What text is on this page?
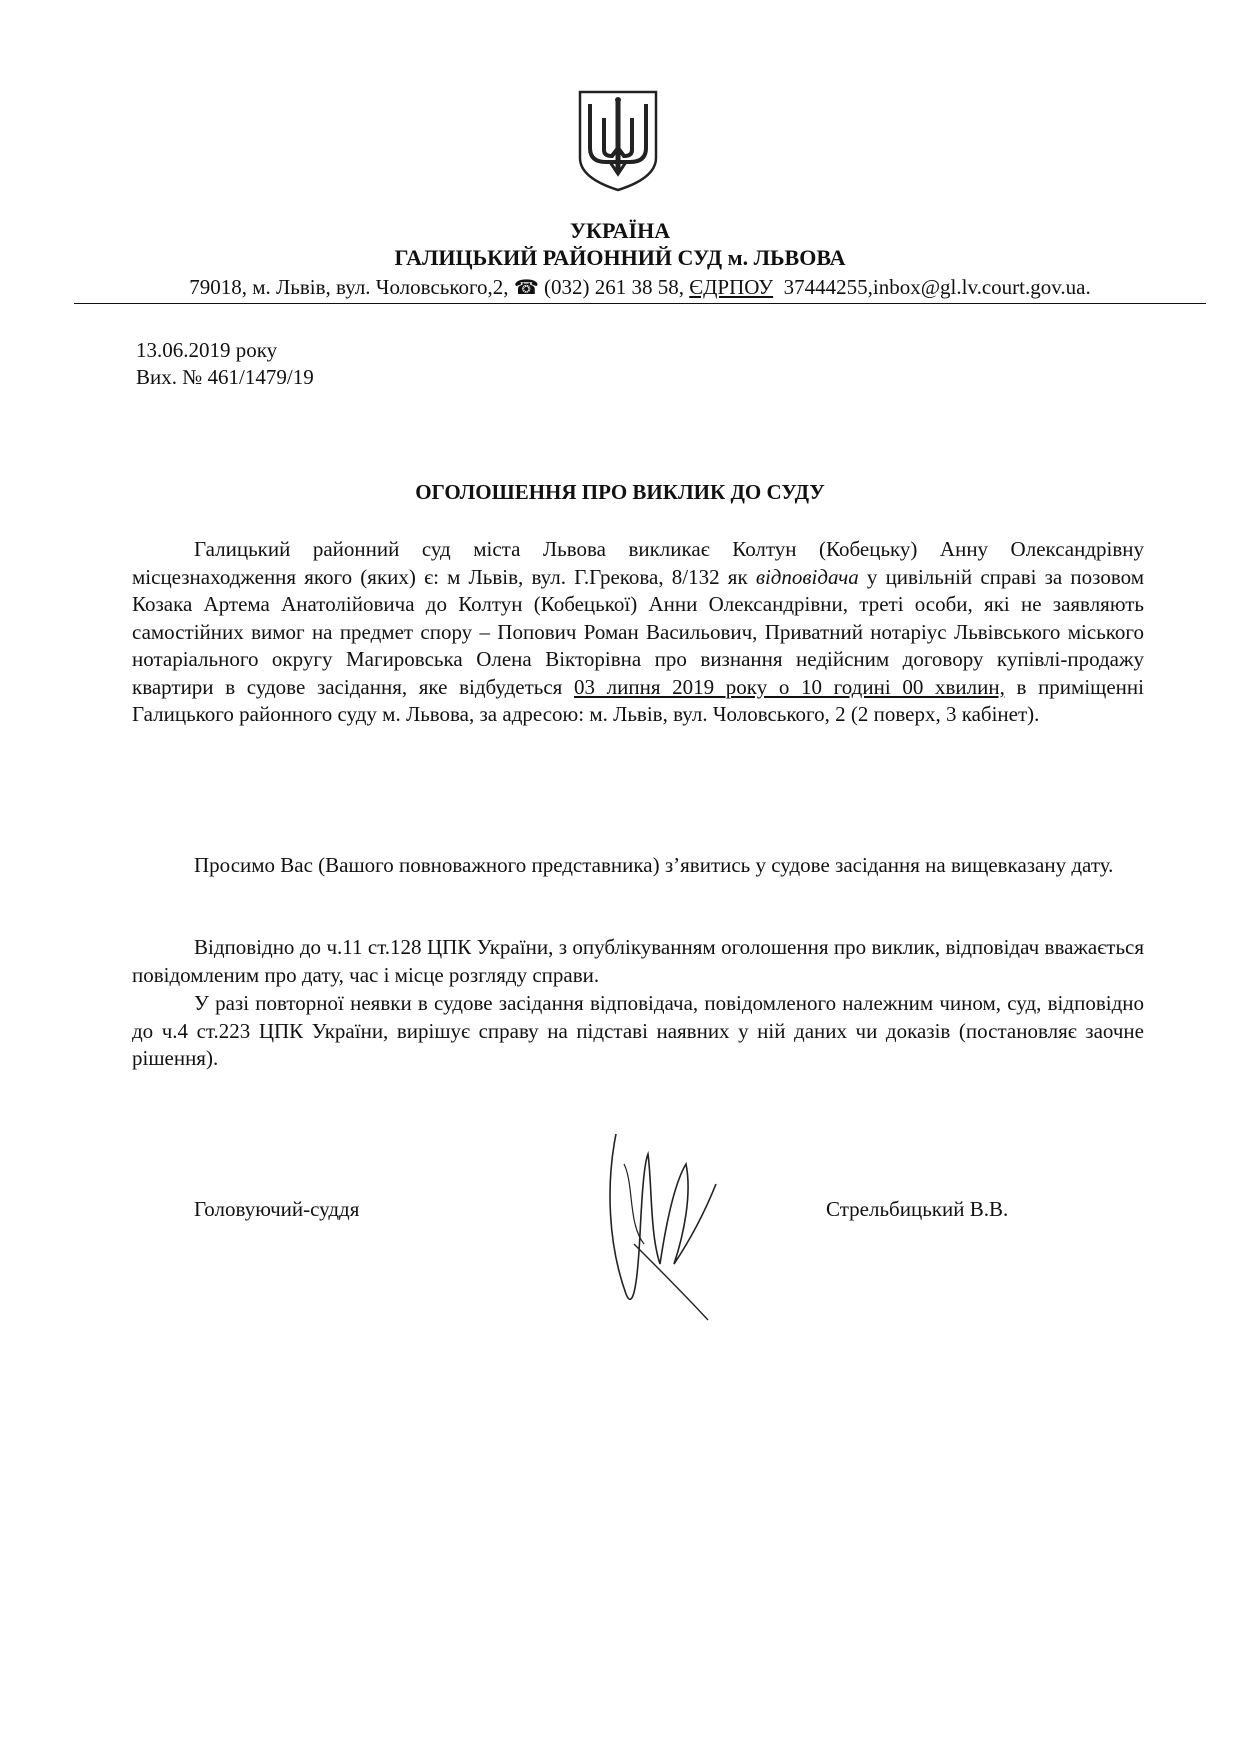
УКРАЇНА
ГАЛИЦЬКИЙ РАЙОННИЙ СУД м. ЛЬВОВА
79018, м. Львів, вул. Чоловського,2, ☎ (032) 261 38 58, ЄДРПОУ 37444255,inbox@gl.lv.court.gov.ua.
13.06.2019 року
Вих. № 461/1479/19
ОГОЛОШЕННЯ ПРО ВИКЛИК ДО СУДУ

Галицький районний суд міста Львова викликає Колтун (Кобецьку) Анну Олександрівну місцезнаходження якого (яких) є: м Львів, вул. Г.Грекова, 8/132 як відповідача у цивільній справі за позовом Козака Артема Анатолійовича до Колтун (Кобецької) Анни Олександрівни, треті особи, які не заявляють самостійних вимог на предмет спору – Попович Роман Васильович, Приватний нотаріус Львівського міського нотаріального округу Магировська Олена Вікторівна про визнання недійсним договору купівлі-продажу квартири в судове засідання, яке відбудеться 03 липня 2019 року о 10 годині 00 хвилин, в приміщенні Галицького районного суду м. Львова, за адресою: м. Львів, вул. Чоловського, 2 (2 поверх, 3 кабінет).

Просимо Вас (Вашого повноважного представника) з’явитись у судове засідання на вищевказану дату.

Відповідно до ч.11 ст.128 ЦПК України, з опублікуванням оголошення про виклик, відповідач вважається повідомленим про дату, час і місце розгляду справи.

У разі повторної неявки в судове засідання відповідача, повідомленого належним чином, суд, відповідно до ч.4 ст.223 ЦПК України, вирішує справу на підставі наявних у ній даних чи доказів (постановляє заочне рішення).

Головуючий-суддя	Стрельбицький В.В.
